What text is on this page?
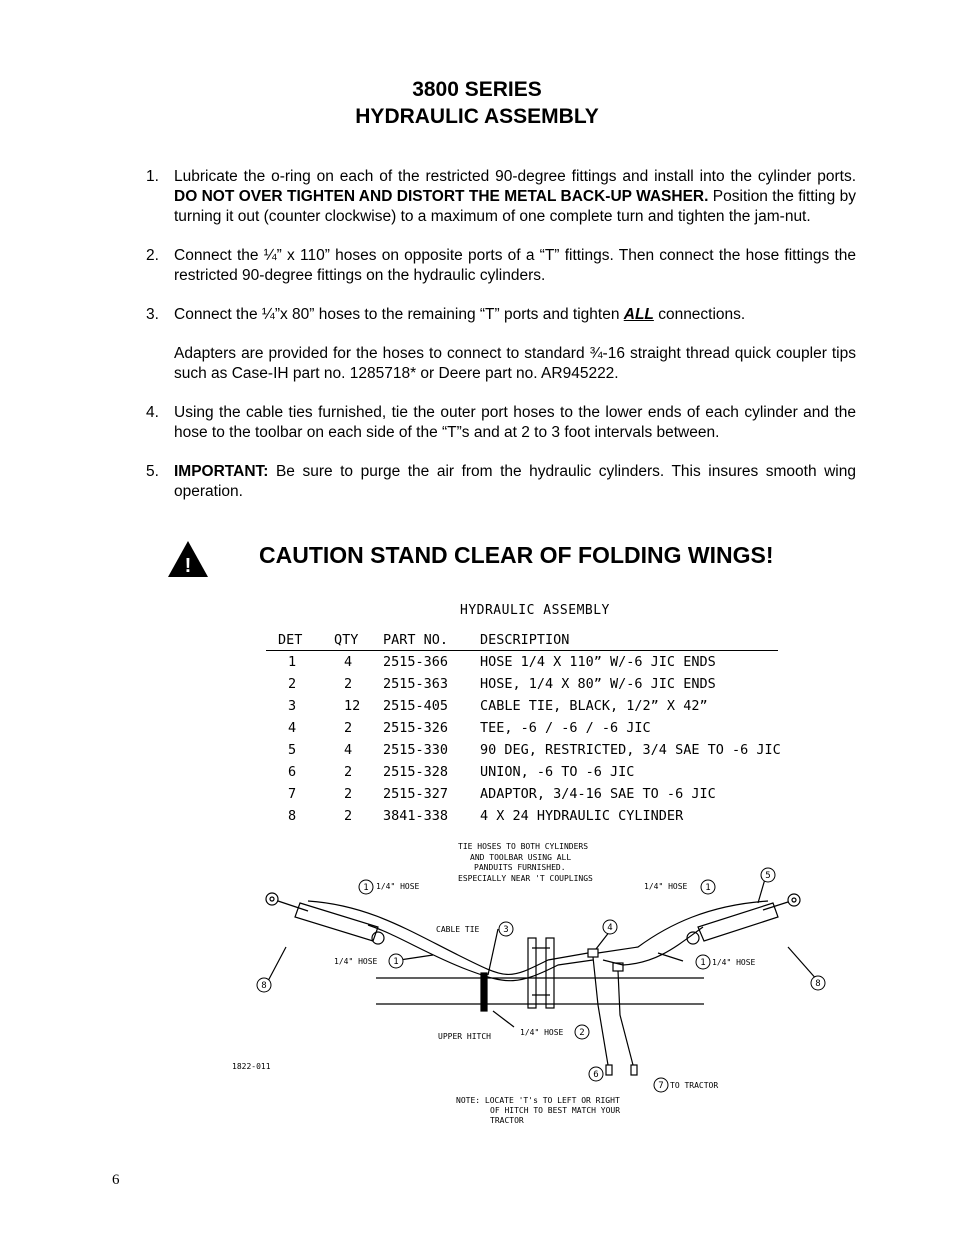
3800 SERIES
HYDRAULIC ASSEMBLY
1. Lubricate the o-ring on each of the restricted 90-degree fittings and install into the cylinder ports. DO NOT OVER TIGHTEN AND DISTORT THE METAL BACK-UP WASHER. Position the fitting by turning it out (counter clockwise) to a maximum of one complete turn and tighten the jam-nut.
2. Connect the ¼” x 110” hoses on opposite ports of a “T” fittings. Then connect the hose fittings the restricted 90-degree fittings on the hydraulic cylinders.
3. Connect the ¼”x 80” hoses to the remaining “T” ports and tighten ALL connections.
Adapters are provided for the hoses to connect to standard ¾-16 straight thread quick coupler tips such as Case-IH part no. 1285718* or Deere part no. AR945222.
4. Using the cable ties furnished, tie the outer port hoses to the lower ends of each cylinder and the hose to the toolbar on each side of the “T”s and at 2 to 3 foot intervals between.
5. IMPORTANT: Be sure to purge the air from the hydraulic cylinders. This insures smooth wing operation.
!	CAUTION STAND CLEAR OF FOLDING WINGS!
HYDRAULIC ASSEMBLY
DET	QTY	PART NO.	DESCRIPTION
1	4	2515-366	HOSE 1/4 X 110” W/-6 JIC ENDS
2	2	2515-363	HOSE, 1/4 X 80” W/-6 JIC ENDS
3	12	2515-405	CABLE TIE, BLACK, 1/2” X 42”
4	2	2515-326	TEE, -6 / -6 / -6 JIC
5	4	2515-330	90 DEG, RESTRICTED, 3/4 SAE TO -6 JIC
6	2	2515-328	UNION, -6 TO -6 JIC
7	2	2515-327	ADAPTOR, 3/4-16 SAE TO -6 JIC
8	2	3841-338	4 X 24 HYDRAULIC CYLINDER
1	1
1	1
2
3	4
5
6
7
8	8
TIE HOSES TO BOTH CYLINDERS
AND TOOLBAR USING ALL
PANDUITS FURNISHED.
ESPECIALLY NEAR 'T COUPLINGS
1/4" HOSE	1/4" HOSE
1/4" HOSE	1/4" HOSE
CABLE TIE
UPPER HITCH	1/4" HOSE
TO TRACTOR
1822-011
NOTE: LOCATE 'T's TO LEFT OR RIGHT
OF HITCH TO BEST MATCH YOUR
TRACTOR
6
